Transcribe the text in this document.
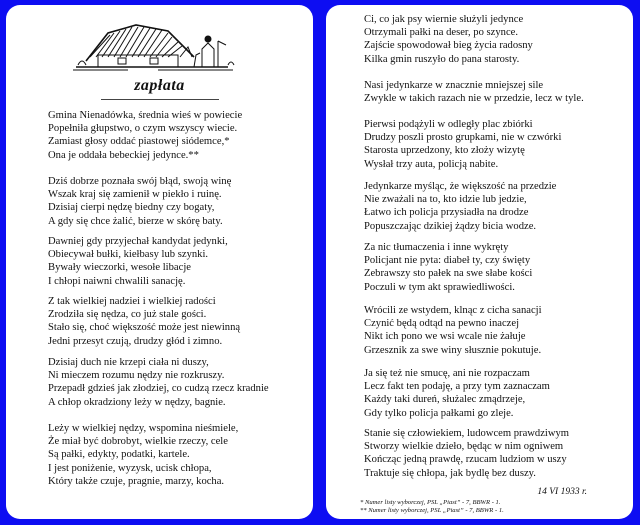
zapłata
Gmina Nienadówka, średnia wieś w powiecie
Popełniła głupstwo, o czym wszyscy wiecie.
Zamiast głosy oddać piastowej siódemce,*
Ona je oddała bebeckiej jedynce.**
Dziś dobrze poznała swój błąd, swoją winę
Wszak kraj się zamienił w piekło i ruinę.
Dzisiaj cierpi nędzę biedny czy bogaty,
A gdy się chce żalić, bierze w skórę baty.
Dawniej gdy przyjechał kandydat jedynki,
Obiecywał bułki, kiełbasy lub szynki.
Bywały wieczorki, wesołe libacje
I chłopi naiwni chwalili sanację.
Z tak wielkiej nadziei i wielkiej radości
Zrodziła się nędza, co już stale gości.
Stało się, choć większość może jest niewinną
Jedni przesyt czują, drudzy głód i zimno.
Dzisiaj duch nie krzepi ciała ni duszy,
Ni mieczem rozumu nędzy nie rozkruszy.
Przepadł gdzieś jak złodziej, co cudzą rzecz kradnie
A chłop okradziony leży w nędzy, bagnie.
Leży w wielkiej nędzy, wspomina nieśmiele,
Że miał być dobrobyt, wielkie rzeczy, cele
Są pałki, edykty, podatki, kartele.
I jest poniżenie, wyzysk, ucisk chłopa,
Który także czuje, pragnie, marzy, kocha.
Ci, co jak psy wiernie służyli jedynce
Otrzymali pałki na deser, po szynce.
Zajście spowodował bieg życia radosny
Kilka gmin ruszyło do pana starosty.
Nasi jedynkarze w znacznie mniejszej sile
Zwykle w takich razach nie w przedzie, lecz w tyle.
Pierwsi podążyli w odległy plac zbiórki
Drudzy poszli prosto grupkami, nie w czwórki
Starosta uprzedzony, kto złoży wizytę
Wysłał trzy auta, policją nabite.
Jedynkarze myśląc, że większość na przedzie
Nie zważali na to, kto idzie lub jedzie,
Łatwo ich policja przysiadła na drodze
Popuszczając dzikiej żądzy bicia wodze.
Za nic tłumaczenia i inne wykręty
Policjant nie pyta: diabeł ty, czy święty
Zebrawszy sto pałek na swe słabe kości
Poczuli w tym akt sprawiedliwości.
Wrócili ze wstydem, klnąc z cicha sanacji
Czynić będą odtąd na pewno inaczej
Nikt ich pono we wsi wcale nie żałuje
Grzesznik za swe winy słusznie pokutuje.
Ja się też nie smucę, ani nie rozpaczam
Lecz fakt ten podaję, a przy tym zaznaczam
Każdy taki dureń, służalec zmądrzeje,
Gdy tylko policja pałkami go zleje.
Stanie się człowiekiem, ludowcem prawdziwym
Stworzy wielkie dzieło, będąc w nim ogniwem
Kończąc jedną prawdę, rzucam ludziom w uszy
Traktuje się chłopa, jak bydlę bez duszy.
14 VI 1933 r.
* Numer listy wyborczej, PSL „Piast” - 7, BBWR - 1.
** Numer listy wyborczej, PSL „Piast” - 7, BBWR - 1.
